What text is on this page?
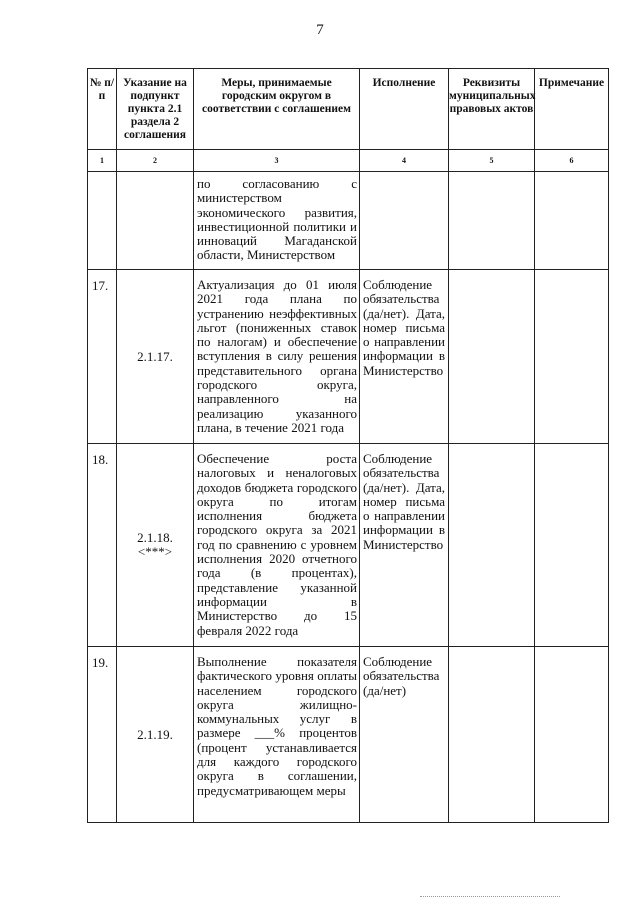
7
№ п/п	Указание на подпункт пункта 2.1 раздела 2 соглашения	Меры, принимаемые городским округом в соответствии с соглашением	Исполнение	Реквизиты муниципальных правовых актов	Примечание
1	2	3	4	5	6
		по согласованию с министерством экономического развития, инвестиционной политики и инноваций Магаданской области, Министерством			
17.	2.1.17.	Актуализация до 01 июля 2021 года плана по устранению неэффективных льгот (пониженных ставок по налогам) и обеспечение вступления в силу решения представительного органа городского округа, направленного на реализацию указанного плана, в течение 2021 года	Соблюдение обязательства (да/нет). Дата, номер письма о направлении информации в Министерство		
18.	2.1.18. <***>	Обеспечение роста налоговых и неналоговых доходов бюджета городского округа по итогам исполнения бюджета городского округа за 2021 год по сравнению с уровнем исполнения 2020 отчетного года (в процентах), представление указанной информации в Министерство до 15 февраля 2022 года	Соблюдение обязательства (да/нет). Дата, номер письма о направлении информации в Министерство		
19.	2.1.19.	Выполнение показателя фактического уровня оплаты населением городского округа жилищно-коммунальных услуг в размере ___% процентов (процент устанавливается для каждого городского округа в соглашении, предусматривающем меры	Соблюдение обязательства (да/нет)		
